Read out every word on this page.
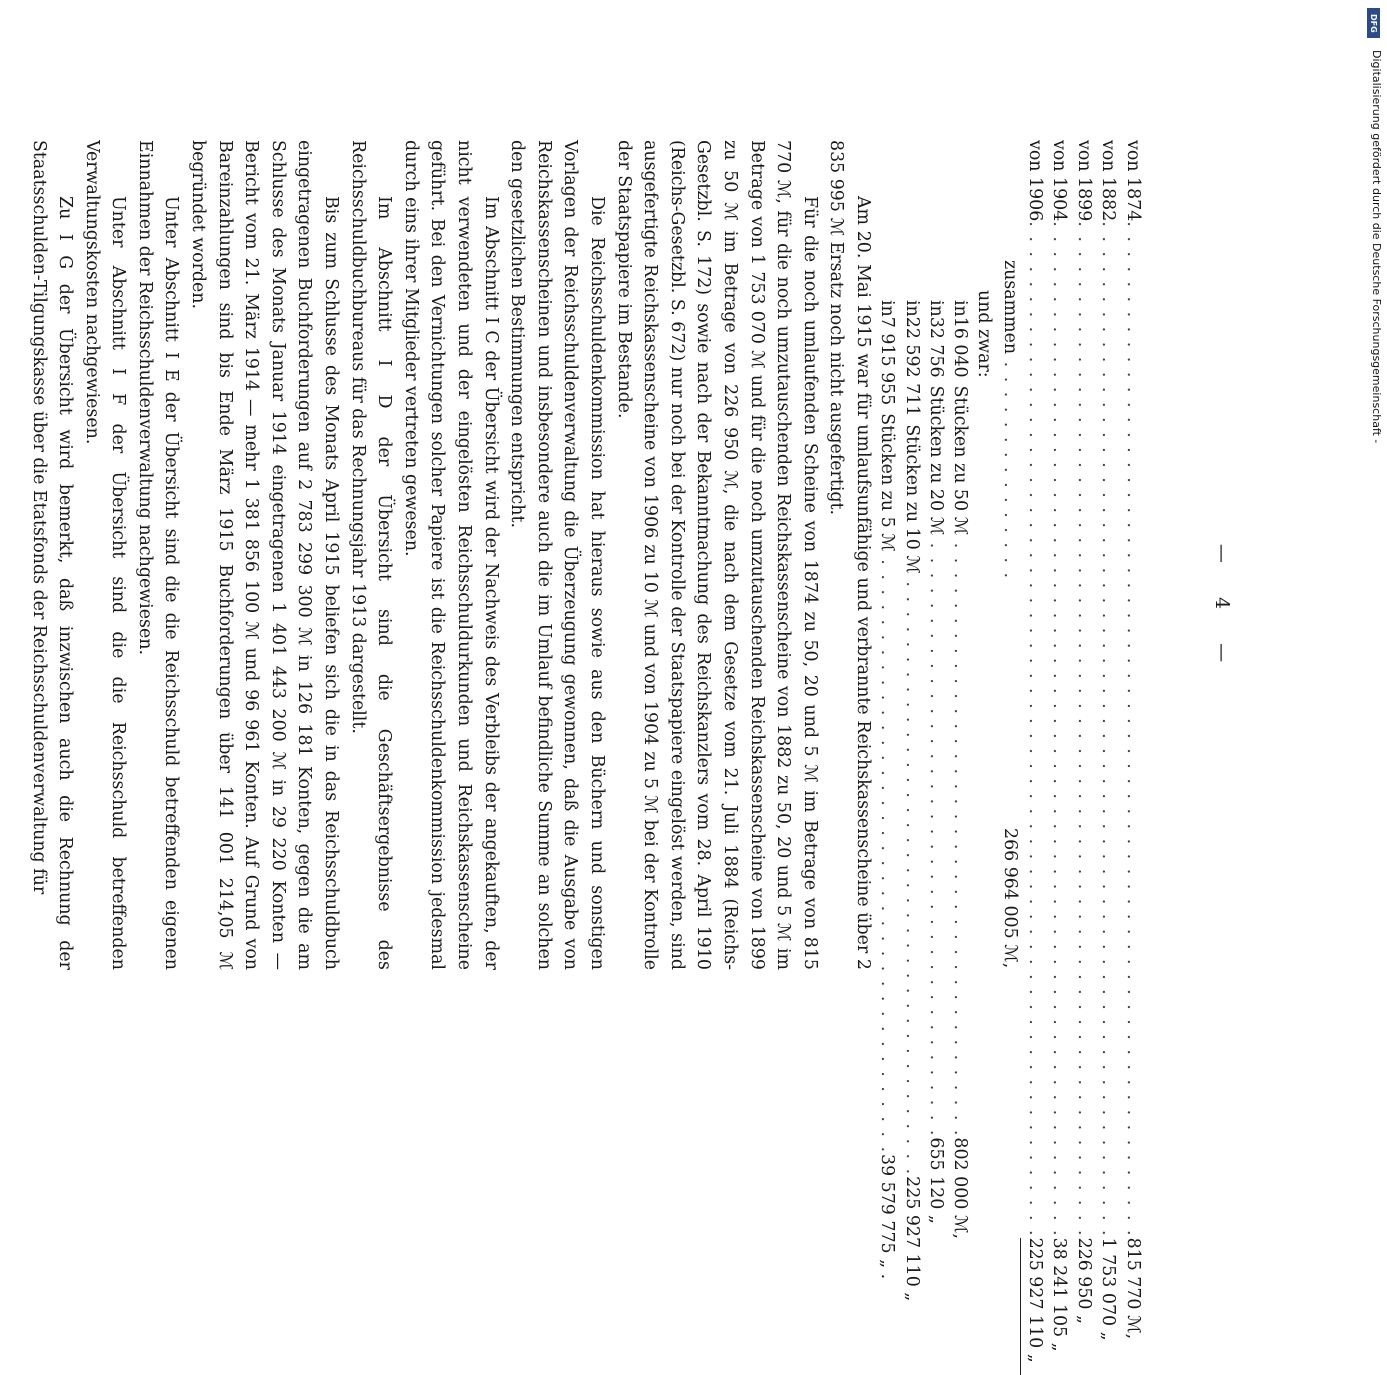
— 4 —
von 1874
. . . . . . . . . . . . . . . . . . . . . . . . . . . . . . . . . . . . . . . . . . . . . . . . . . . . . . . . . . . . . . . . . . . .
815 770 ℳ,
von 1882
. . . . . . . . . . . . . . . . . . . . . . . . . . . . . . . . . . . . . . . . . . . . . . . . . . . . . . . . . . . . . . . . . . . .
1 753 070 „
von 1899
. . . . . . . . . . . . . . . . . . . . . . . . . . . . . . . . . . . . . . . . . . . . . . . . . . . . . . . . . . . . . . . . . . . .
226 950 „
von 1904
. . . . . . . . . . . . . . . . . . . . . . . . . . . . . . . . . . . . . . . . . . . . . . . . . . . . . . . . . . . . . . . . . . . .
38 241 105 „
von 1906
. . . . . . . . . . . . . . . . . . . . . . . . . . . . . . . . . . . . . . . . . . . . . . . . . . . . . . . . . . . . . . . . . . . .
225 927 110 „
zusammen
. . . . . . . . . . . . . . .
266 964 005 ℳ,
und zwar:
in
16 040
Stücken zu 50 ℳ
. . . . . . . . . . . . . . . . . . . . . . . . . . . . . . . . . . . . . . . .
802 000 ℳ,
in
32 756
Stücken zu 20 ℳ
. . . . . . . . . . . . . . . . . . . . . . . . . . . . . . . . . . . . . . . .
655 120 „
in
22 592 711
Stücken zu 10 ℳ
. . . . . . . . . . . . . . . . . . . . . . . . . . . . . . . . . . . . . . . .
225 927 110 „
in
7 915 955
Stücken zu 5 ℳ
. . . . . . . . . . . . . . . . . . . . . . . . . . . . . . . . . . . . . . . .
39 579 775 „ .

Am 20. Mai 1915 war für umlaufsunfähige und verbrannte Reichskassenscheine über 2 835 995 ℳ Ersatz noch nicht ausgefertigt.

Für die noch umlaufenden Scheine von 1874 zu 50, 20 und 5 ℳ im Betrage von 815 770 ℳ, für die noch umzutauschenden Reichskassenscheine von 1882 zu 50, 20 und 5 ℳ im Betrage von 1 753 070 ℳ und für die noch umzutauschenden Reichskassenscheine von 1899 zu 50 ℳ im Betrage von 226 950 ℳ, die nach dem Gesetze vom 21. Juli 1884 (Reichs-Gesetzbl. S. 172) sowie nach der Bekanntmachung des Reichskanzlers vom 28. April 1910 (Reichs-Gesetzbl. S. 672) nur noch bei der Kontrolle der Staatspapiere eingelöst werden, sind ausgefertigte Reichskassenscheine von 1906 zu 10 ℳ und von 1904 zu 5 ℳ bei der Kontrolle der Staatspapiere im Bestande.

Die Reichsschuldenkommission hat hieraus sowie aus den Büchern und sonstigen Vorlagen der Reichsschuldenverwaltung die Überzeugung gewonnen, daß die Ausgabe von Reichskassenscheinen und insbesondere auch die im Umlauf befindliche Summe an solchen den gesetzlichen Bestimmungen entspricht.

Im Abschnitt I C der Übersicht wird der Nachweis des Verbleibs der angekauften, der nicht verwendeten und der eingelösten Reichsschuldurkunden und Reichskassenscheine geführt. Bei den Vernichtungen solcher Papiere ist die Reichsschuldenkommission jedesmal durch eins ihrer Mitglieder vertreten gewesen.

Im Abschnitt I D der Übersicht sind die Geschäftsergebnisse des Reichsschuldbuchbureaus für das Rechnungsjahr 1913 dargestellt.

Bis zum Schlusse des Monats April 1915 beliefen sich die in das Reichsschuldbuch eingetragenen Buchforderungen auf 2 783 299 300 ℳ in 126 181 Konten, gegen die am Schlusse des Monats Januar 1914 eingetragenen 1 401 443 200 ℳ in 29 220 Konten — Bericht vom 21. März 1914 — mehr 1 381 856 100 ℳ und 96 961 Konten. Auf Grund von Bareinzahlungen sind bis Ende März 1915 Buchforderungen über 141 001 214,05 ℳ begründet worden.

Unter Abschnitt I E der Übersicht sind die die Reichsschuld betreffenden eigenen Einnahmen der Reichsschuldenverwaltung nachgewiesen.

Unter Abschnitt I F der Übersicht sind die die Reichsschuld betreffenden Verwaltungskosten nachgewiesen.

Zu I G der Übersicht wird bemerkt, daß inzwischen auch die Rechnung der Staatsschulden-Tilgungskasse über die Etatsfonds der Reichsschuldenverwaltung für

DFG
Digitalisierung gefördert durch die Deutsche Forschungsgemeinschaft -
